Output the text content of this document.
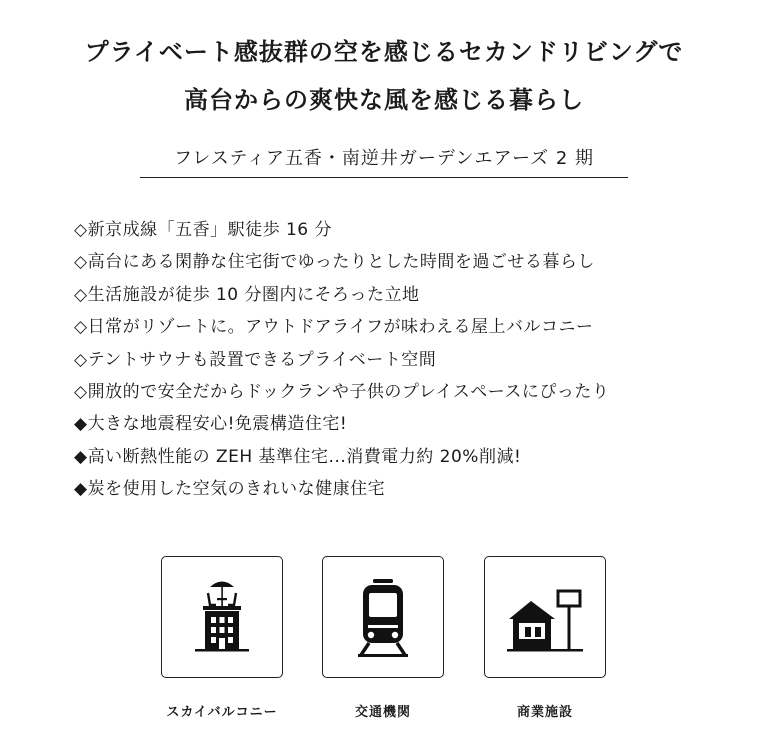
プライベート感抜群の空を感じるセカンドリビングで
高台からの爽快な風を感じる暮らし
フレスティア五香・南逆井ガーデンエアーズ 2 期
◇新京成線「五香」駅徒歩 16 分
◇高台にある閑静な住宅街でゆったりとした時間を過ごせる暮らし
◇生活施設が徒歩 10 分圏内にそろった立地
◇日常がリゾートに。アウトドアライフが味わえる屋上バルコニー
◇テントサウナも設置できるプライベート空間
◇開放的で安全だからドックランや子供のプレイスペースにぴったり
◆大きな地震程安心!免震構造住宅!
◆高い断熱性能の ZEH 基準住宅...消費電力約 20%削減!
◆炭を使用した空気のきれいな健康住宅
スカイバルコニー	交通機関	商業施設
